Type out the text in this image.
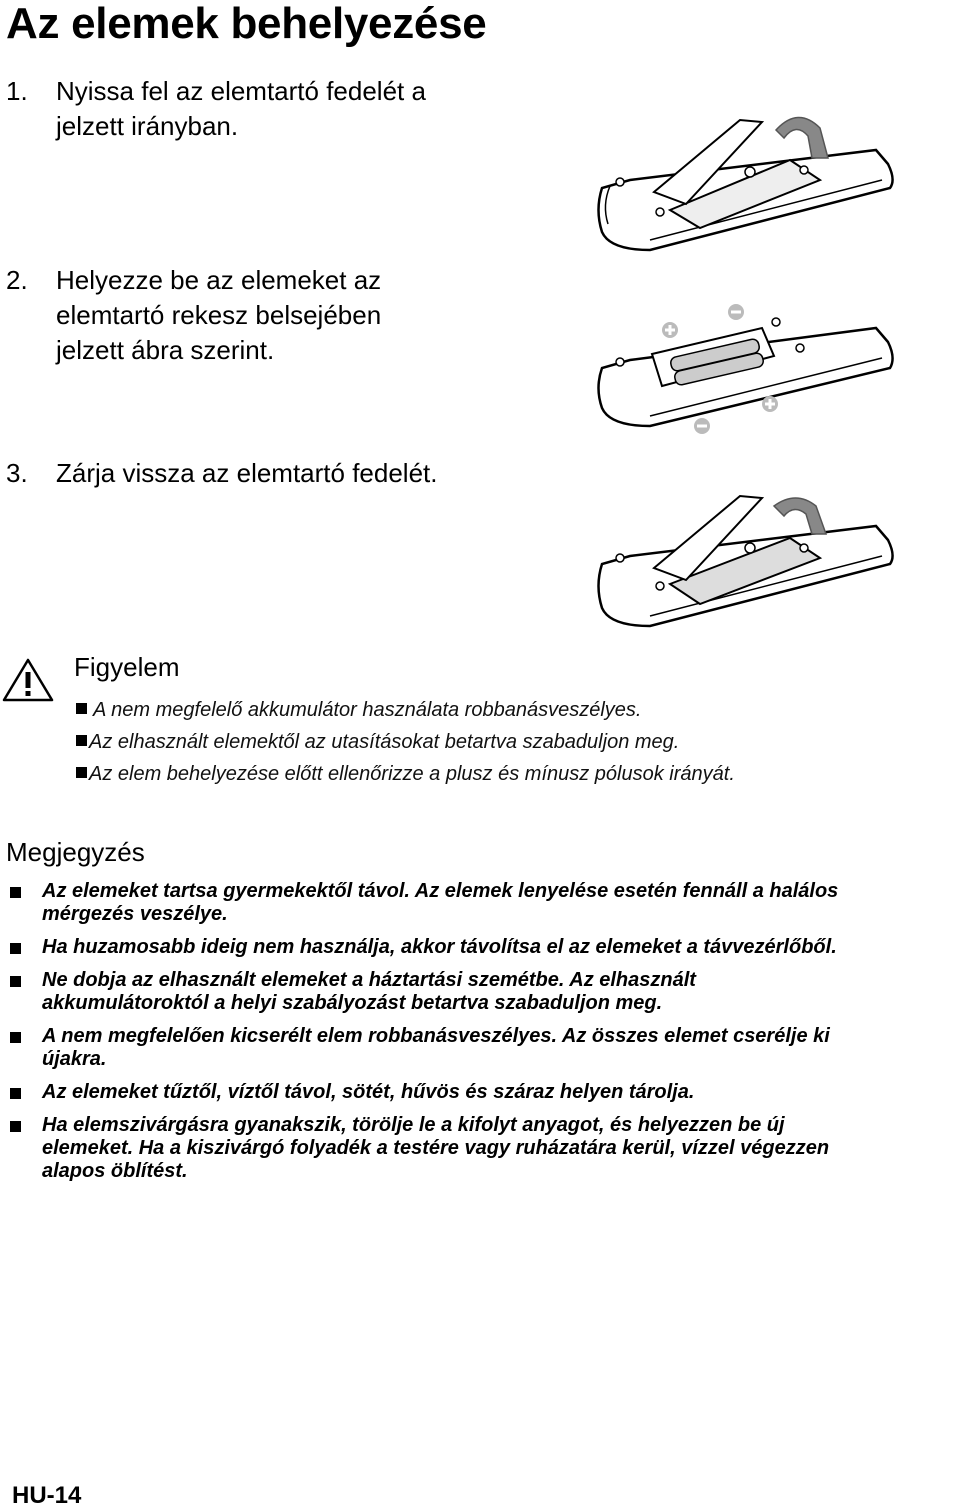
Az elemek behelyezése
1. Nyissa fel az elemtartó fedelét a
jelzett irányban.
2. Helyezze be az elemeket az
elemtartó rekesz belsejében
jelzett ábra szerint.
3. Zárja vissza az elemtartó fedelét.
Figyelem
A nem megfelelő akkumulátor használata robbanásveszélyes.
Az elhasznált elemektől az utasításokat betartva szabaduljon meg.
Az elem behelyezése előtt ellenőrizze a plusz és mínusz pólusok irányát.
Megjegyzés
Az elemeket tartsa gyermekektől távol. Az elemek lenyelése esetén fennáll a halálos
mérgezés veszélye.
Ha huzamosabb ideig nem használja, akkor távolítsa el az elemeket a távvezérlőből.
Ne dobja az elhasznált elemeket a háztartási szemétbe. Az elhasznált
akkumulátoroktól a helyi szabályozást betartva szabaduljon meg.
A nem megfelelően kicserélt elem robbanásveszélyes. Az összes elemet cserélje ki
újakra.
Az elemeket tűztől, víztől távol, sötét, hűvös és száraz helyen tárolja.
Ha elemszivárgásra gyanakszik, törölje le a kifolyt anyagot, és helyezzen be új
elemeket. Ha a kiszivárgó folyadék a testére vagy ruházatára kerül, vízzel végezzen
alapos öblítést.
HU-14
